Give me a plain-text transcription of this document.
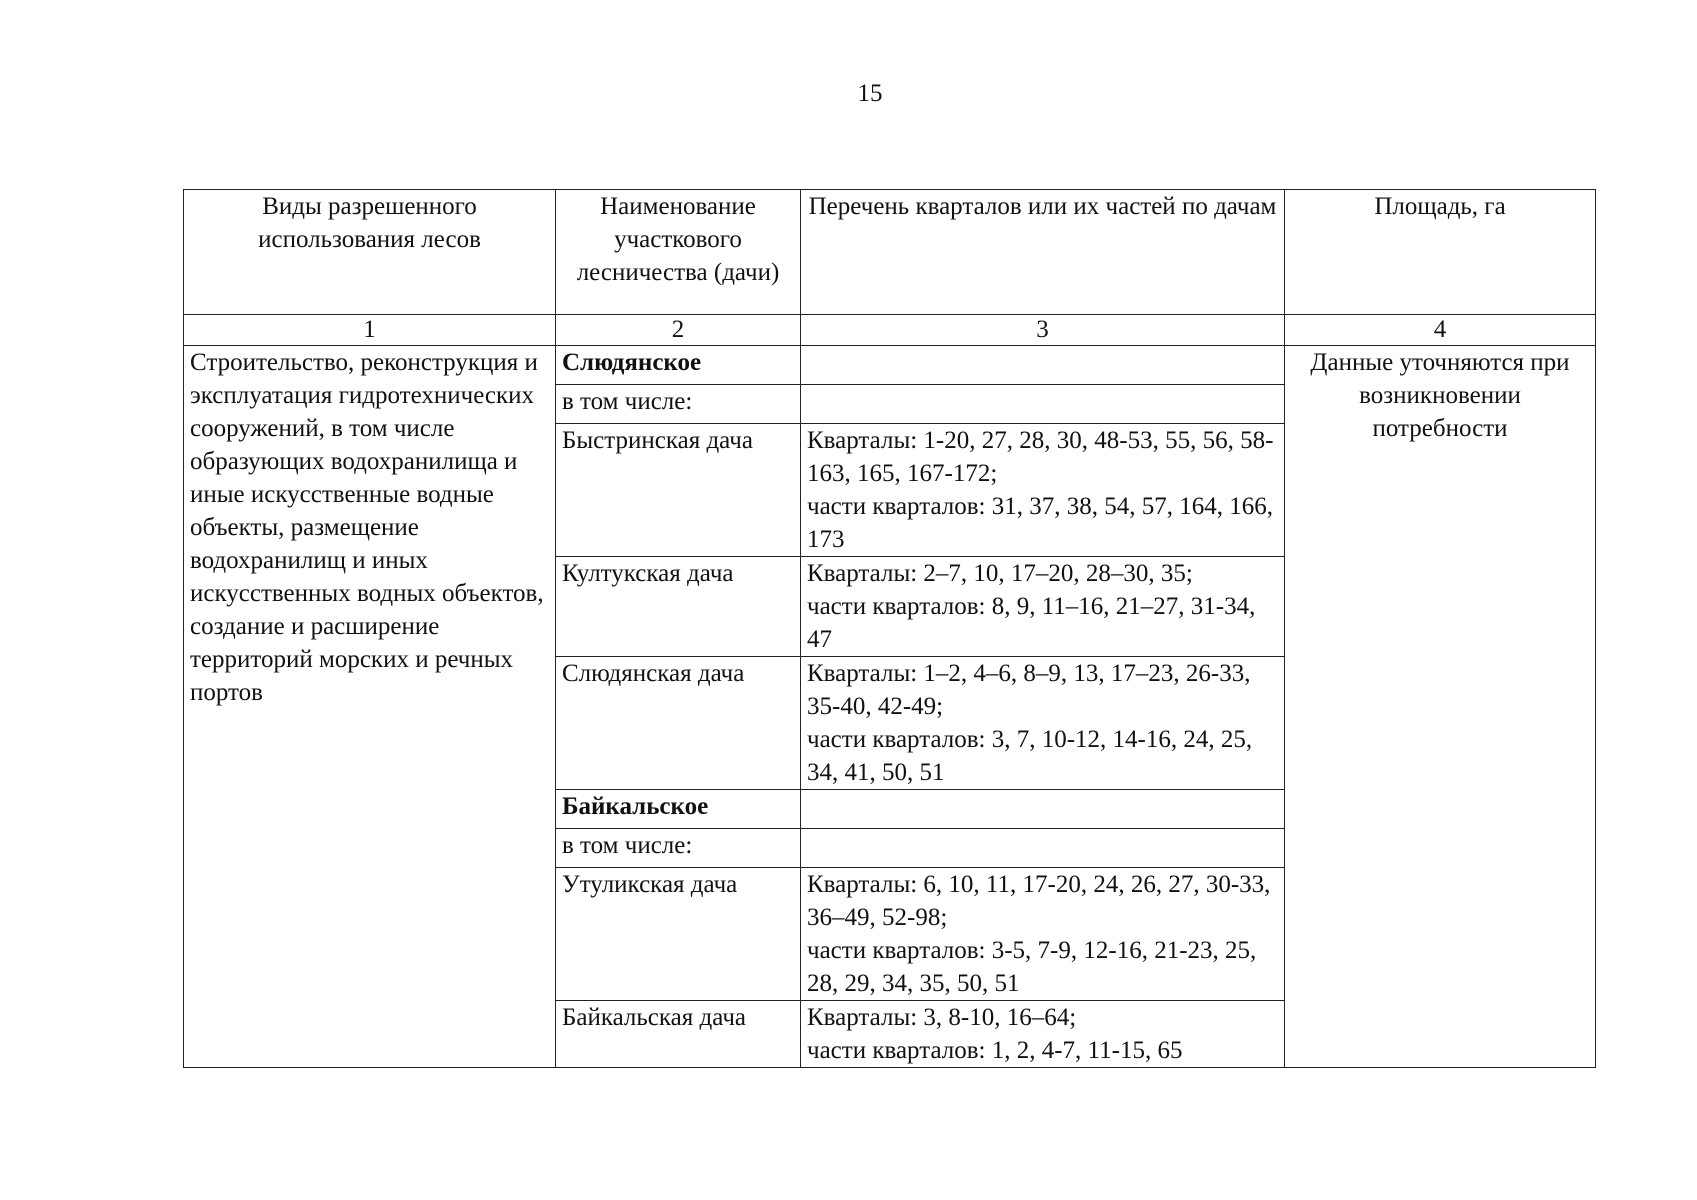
15
Виды разрешенного использования лесов	Наименование участкового лесничества (дачи)	Перечень кварталов или их частей по дачам	Площадь, га
1	2	3	4
Строительство, реконструкция и эксплуатация гидротехнических сооружений, в том числе образующих водохранилища и иные искусственные водные объекты, размещение водохранилищ и иных искусственных водных объектов, создание и расширение территорий морских и речных портов	Слюдянское		Данные уточняются при возникновении потребности
	в том числе:		
	Быстринская дача	Кварталы: 1-20, 27, 28, 30, 48-53, 55, 56, 58-163, 165, 167-172;
части кварталов: 31, 37, 38, 54, 57, 164, 166, 173	

	Култукская дача	Кварталы: 2–7, 10, 17–20, 28–30, 35;
части кварталов: 8, 9, 11–16, 21–27, 31-34, 47	

	Слюдянская дача	Кварталы: 1–2, 4–6, 8–9, 13, 17–23, 26-33, 35-40, 42-49;
части кварталов: 3, 7, 10-12, 14-16, 24, 25, 34, 41, 50, 51	

	Байкальское		
	в том числе:		
	Утуликская дача	Кварталы: 6, 10, 11, 17-20, 24, 26, 27, 30-33, 36–49, 52-98;
части кварталов: 3-5, 7-9, 12-16, 21-23, 25, 28, 29, 34, 35, 50, 51	

	Байкальская дача	Кварталы: 3, 8-10, 16–64;
части кварталов: 1, 2, 4-7, 11-15, 65	
